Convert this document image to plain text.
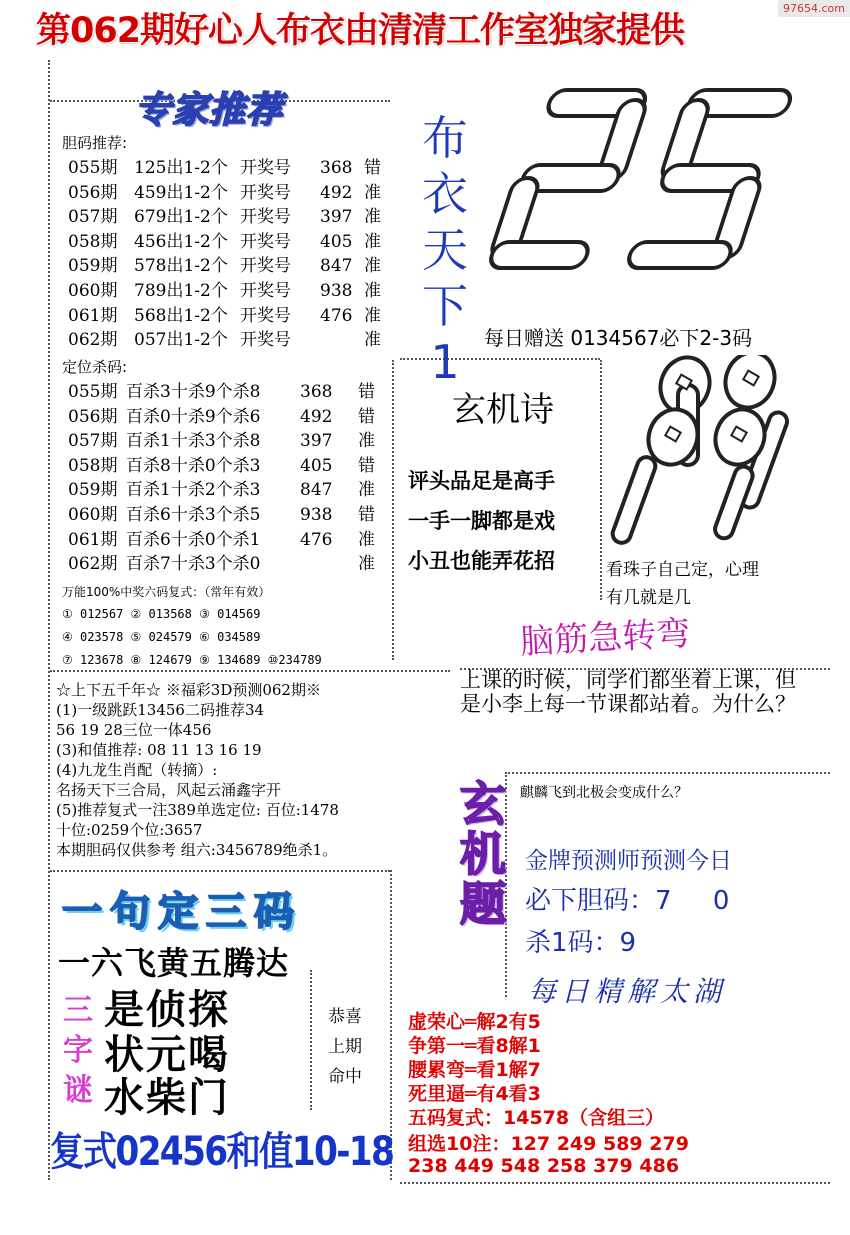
97654.com
第062期好心人布衣由清清工作室独家提供
专家推荐
胆码推荐:
055期 125出1-2个 开奖号 368 错
056期 459出1-2个 开奖号 492 准
057期 679出1-2个 开奖号 397 准
058期 456出1-2个 开奖号 405 准
059期 578出1-2个 开奖号 847 准
060期 789出1-2个 开奖号 938 准
061期 568出1-2个 开奖号 476 准
062期 057出1-2个 开奖号	准
定位杀码:
055期 百杀3十杀9个杀8 368 错
056期 百杀0十杀9个杀6 492 错
057期 百杀1十杀3个杀8 397 准
058期 百杀8十杀0个杀3 405 错
059期 百杀1十杀2个杀3 847 准
060期 百杀6十杀3个杀5 938 错
061期 百杀6十杀0个杀1 476 准
062期 百杀7十杀3个杀0	准
万能100%中奖六码复式：（常年有效）
① 012567 ② 013568 ③ 014569
④ 023578 ⑤ 024579 ⑥ 034589
⑦ 123678 ⑧ 124679 ⑨ 134689 ⑩234789
☆上下五千年☆ ※福彩3D预测062期※
(1)一级跳跃13456二码推荐34
56 19 28三位一体456
(3)和值推荐: 08 11 13 16 19
(4)九龙生肖配（转摘）:
名扬天下三合局，风起云涌鑫字开
(5)推荐复式一注389单选定位: 百位:1478
十位:0259个位:3657
本期胆码仅供参考 组六:3456789绝杀1。
一句定三码
一六飞黄五腾达
三
字
谜
是侦探
状元喝
水柴门
恭喜
上期
命中
复式02456和值10-18
布
衣
天
下
1
25
每日赠送 0134567必下2-3码
玄机诗
评头品足是高手
一手一脚都是戏
小丑也能弄花招
99
看珠子自己定，心理
有几就是几
脑筋急转弯
上课的时候，同学们都坐着上课，但是小李上每一节课都站着。为什么？
玄
机
题
麒麟飞到北极会变成什么？
金牌预测师预测今日
必下胆码：7     0
杀1码：9
每日精解太湖
虚荣心═解2有5
争第一═看8解1
腰累弯═看1解7
死里逼═有4看3
五码复式：14578（含组三）
组选10注：127 249 589 279
238 449 548 258 379 486
